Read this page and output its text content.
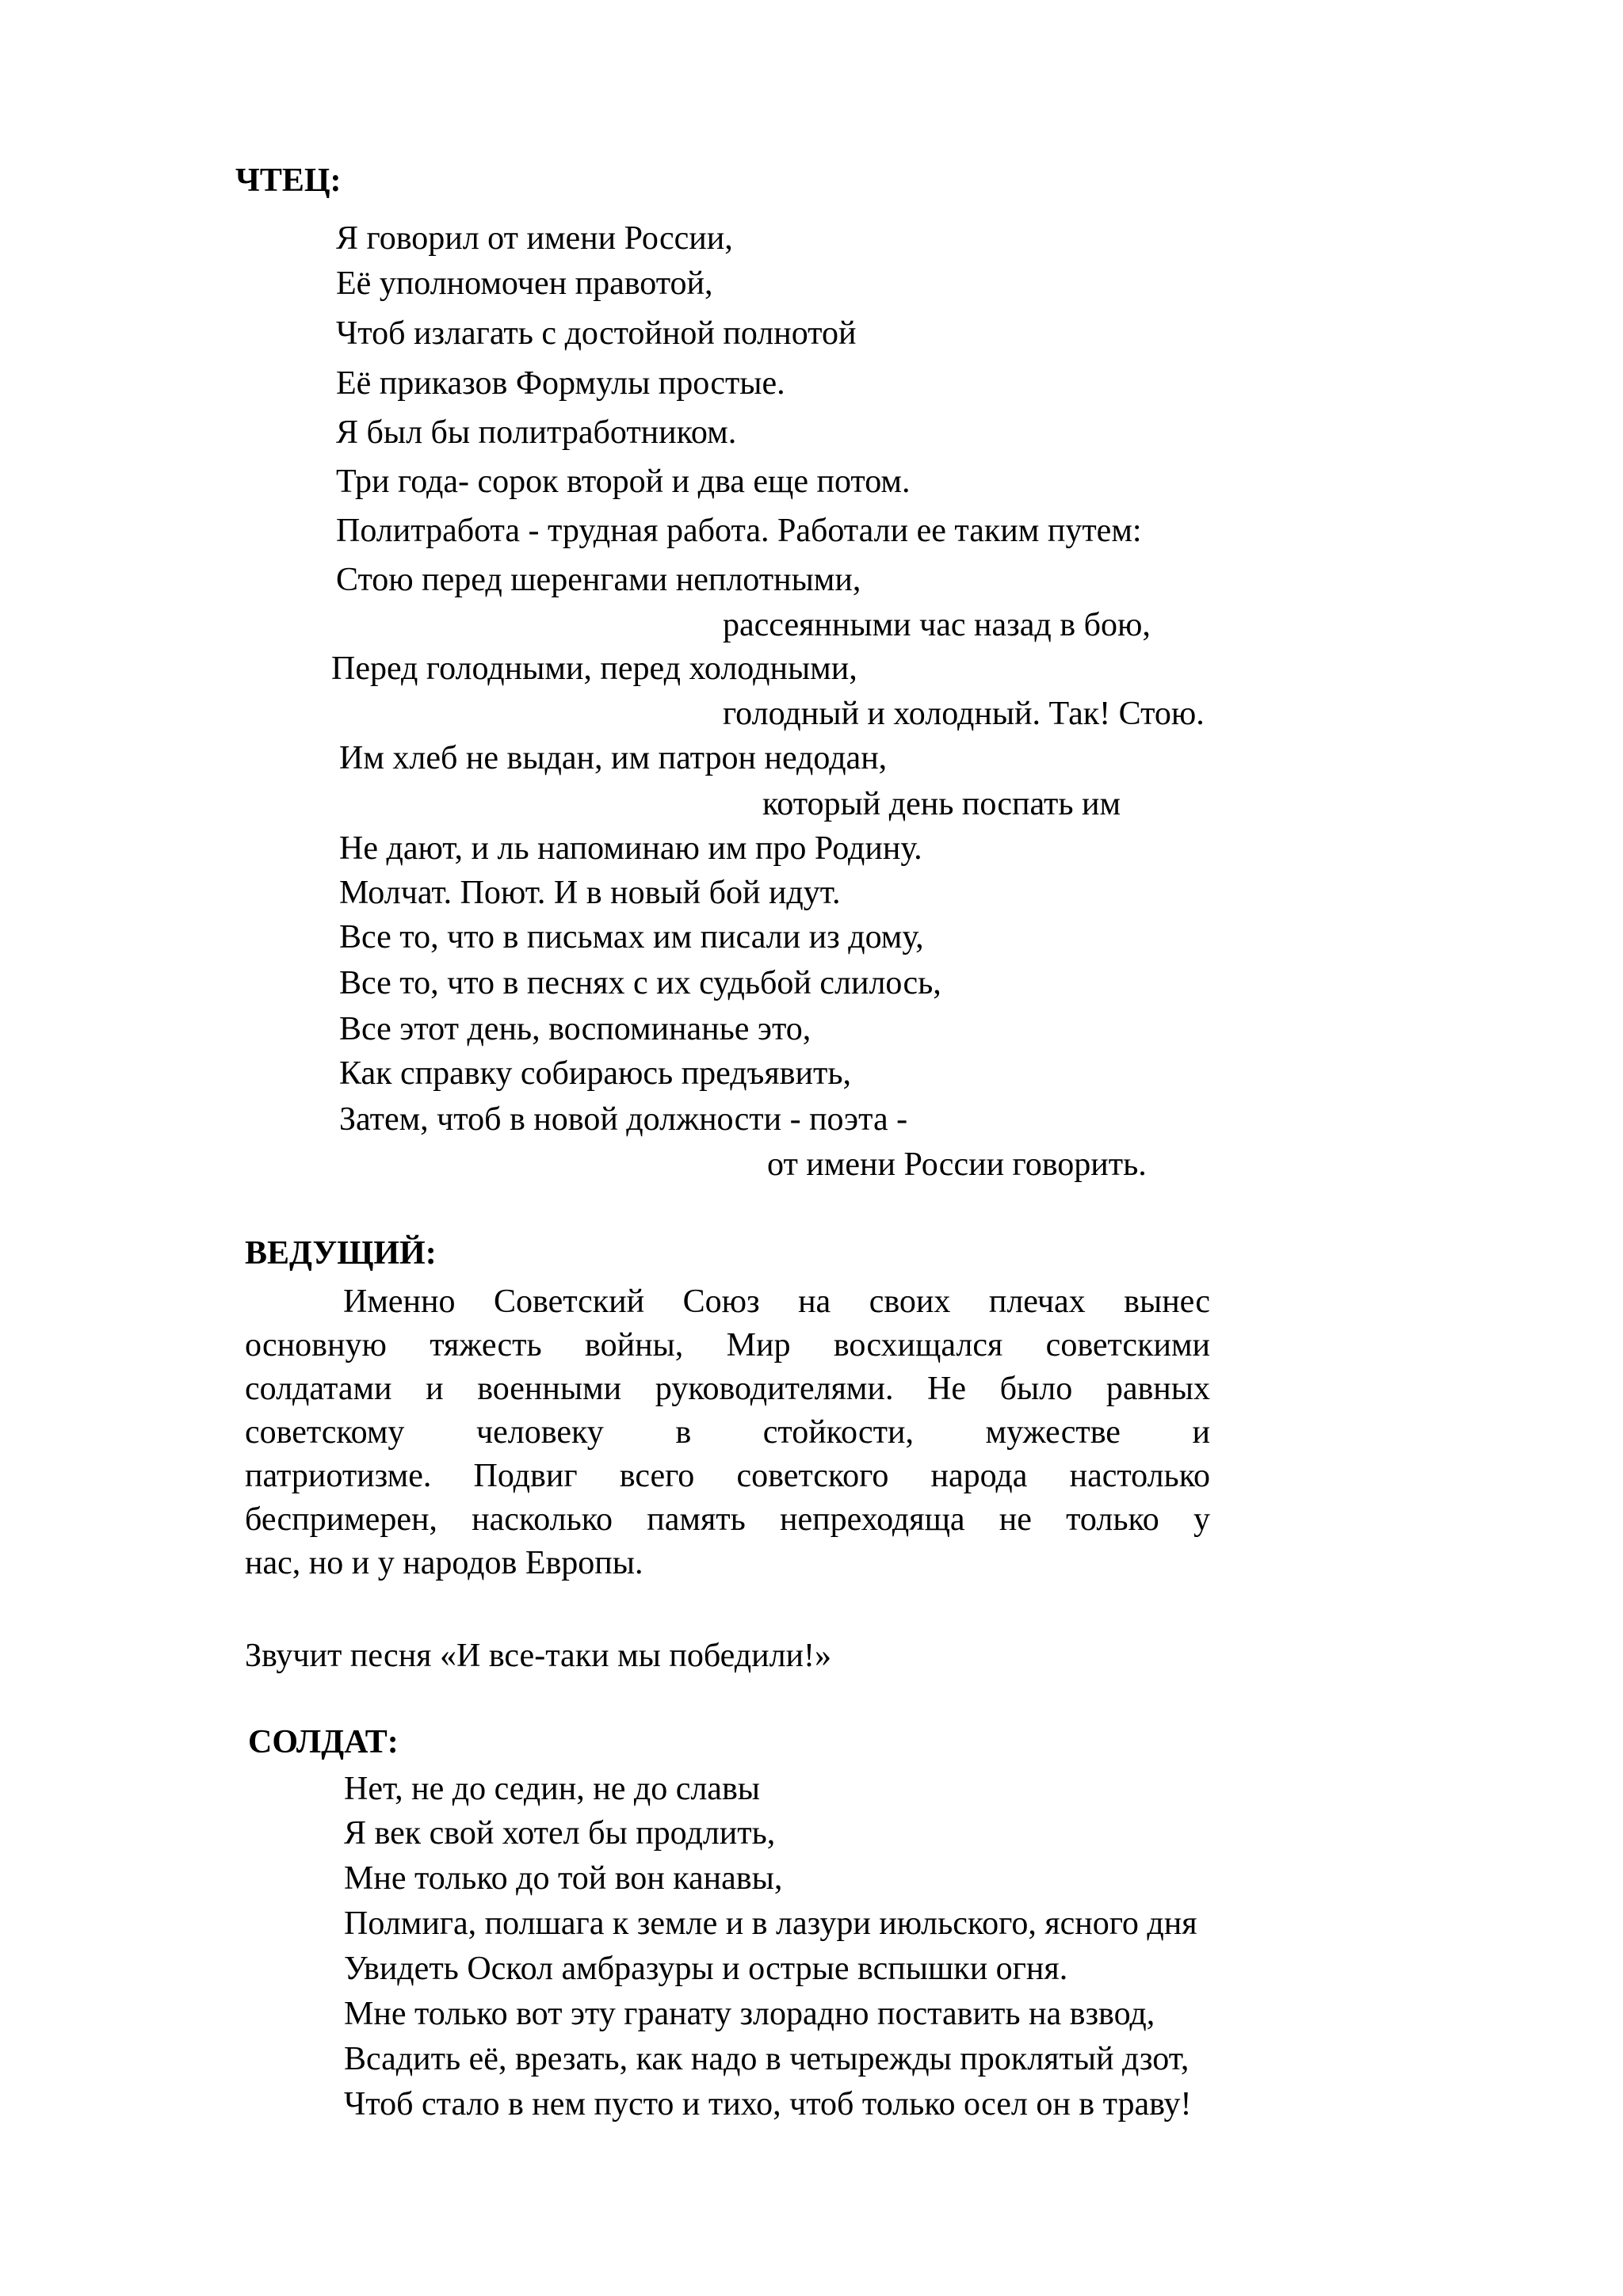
ЧТЕЦ:
Я говорил от имени России,
Её уполномочен правотой,
Чтоб излагать с достойной полнотой
Её приказов Формулы простые.
Я был бы политработником.
Три года- сорок второй и два еще потом.
Политработа - трудная работа. Работали ее таким путем:
Стою перед шеренгами неплотными,
рассеянными час назад в бою,
Перед голодными, перед холодными,
голодный и холодный. Так! Стою.
Им хлеб не выдан, им патрон недодан,
который день поспать им
Не дают, и ль напоминаю им про Родину.
Молчат. Поют. И в новый бой идут.
Все то, что в письмах им писали из дому,
Все то, что в песнях с их судьбой слилось,
Все этот день, воспоминанье это,
Как справку собираюсь предъявить,
Затем, чтоб в новой должности - поэта -
от имени России говорить.
ВЕДУЩИЙ:
Именно Советский Союз на своих плечах вынес
основную тяжесть войны, Мир восхищался советскими
солдатами и военными руководителями. Не было равных
советскому человеку в стойкости, мужестве и
патриотизме. Подвиг всего советского народа настолько
беспримерен, насколько память непреходяща не только у
нас, но и у народов Европы.
Звучит песня «И все-таки мы победили!»
СОЛДАТ:
Нет, не до седин, не до славы
Я век свой хотел бы продлить,
Мне только до той вон канавы,
Полмига, полшага к земле и в лазури июльского, ясного дня
Увидеть Оскол амбразуры и острые вспышки огня.
Мне только вот эту гранату злорадно поставить на взвод,
Всадить её, врезать, как надо в четырежды проклятый дзот,
Чтоб стало в нем пусто и тихо, чтоб только осел он в траву!
